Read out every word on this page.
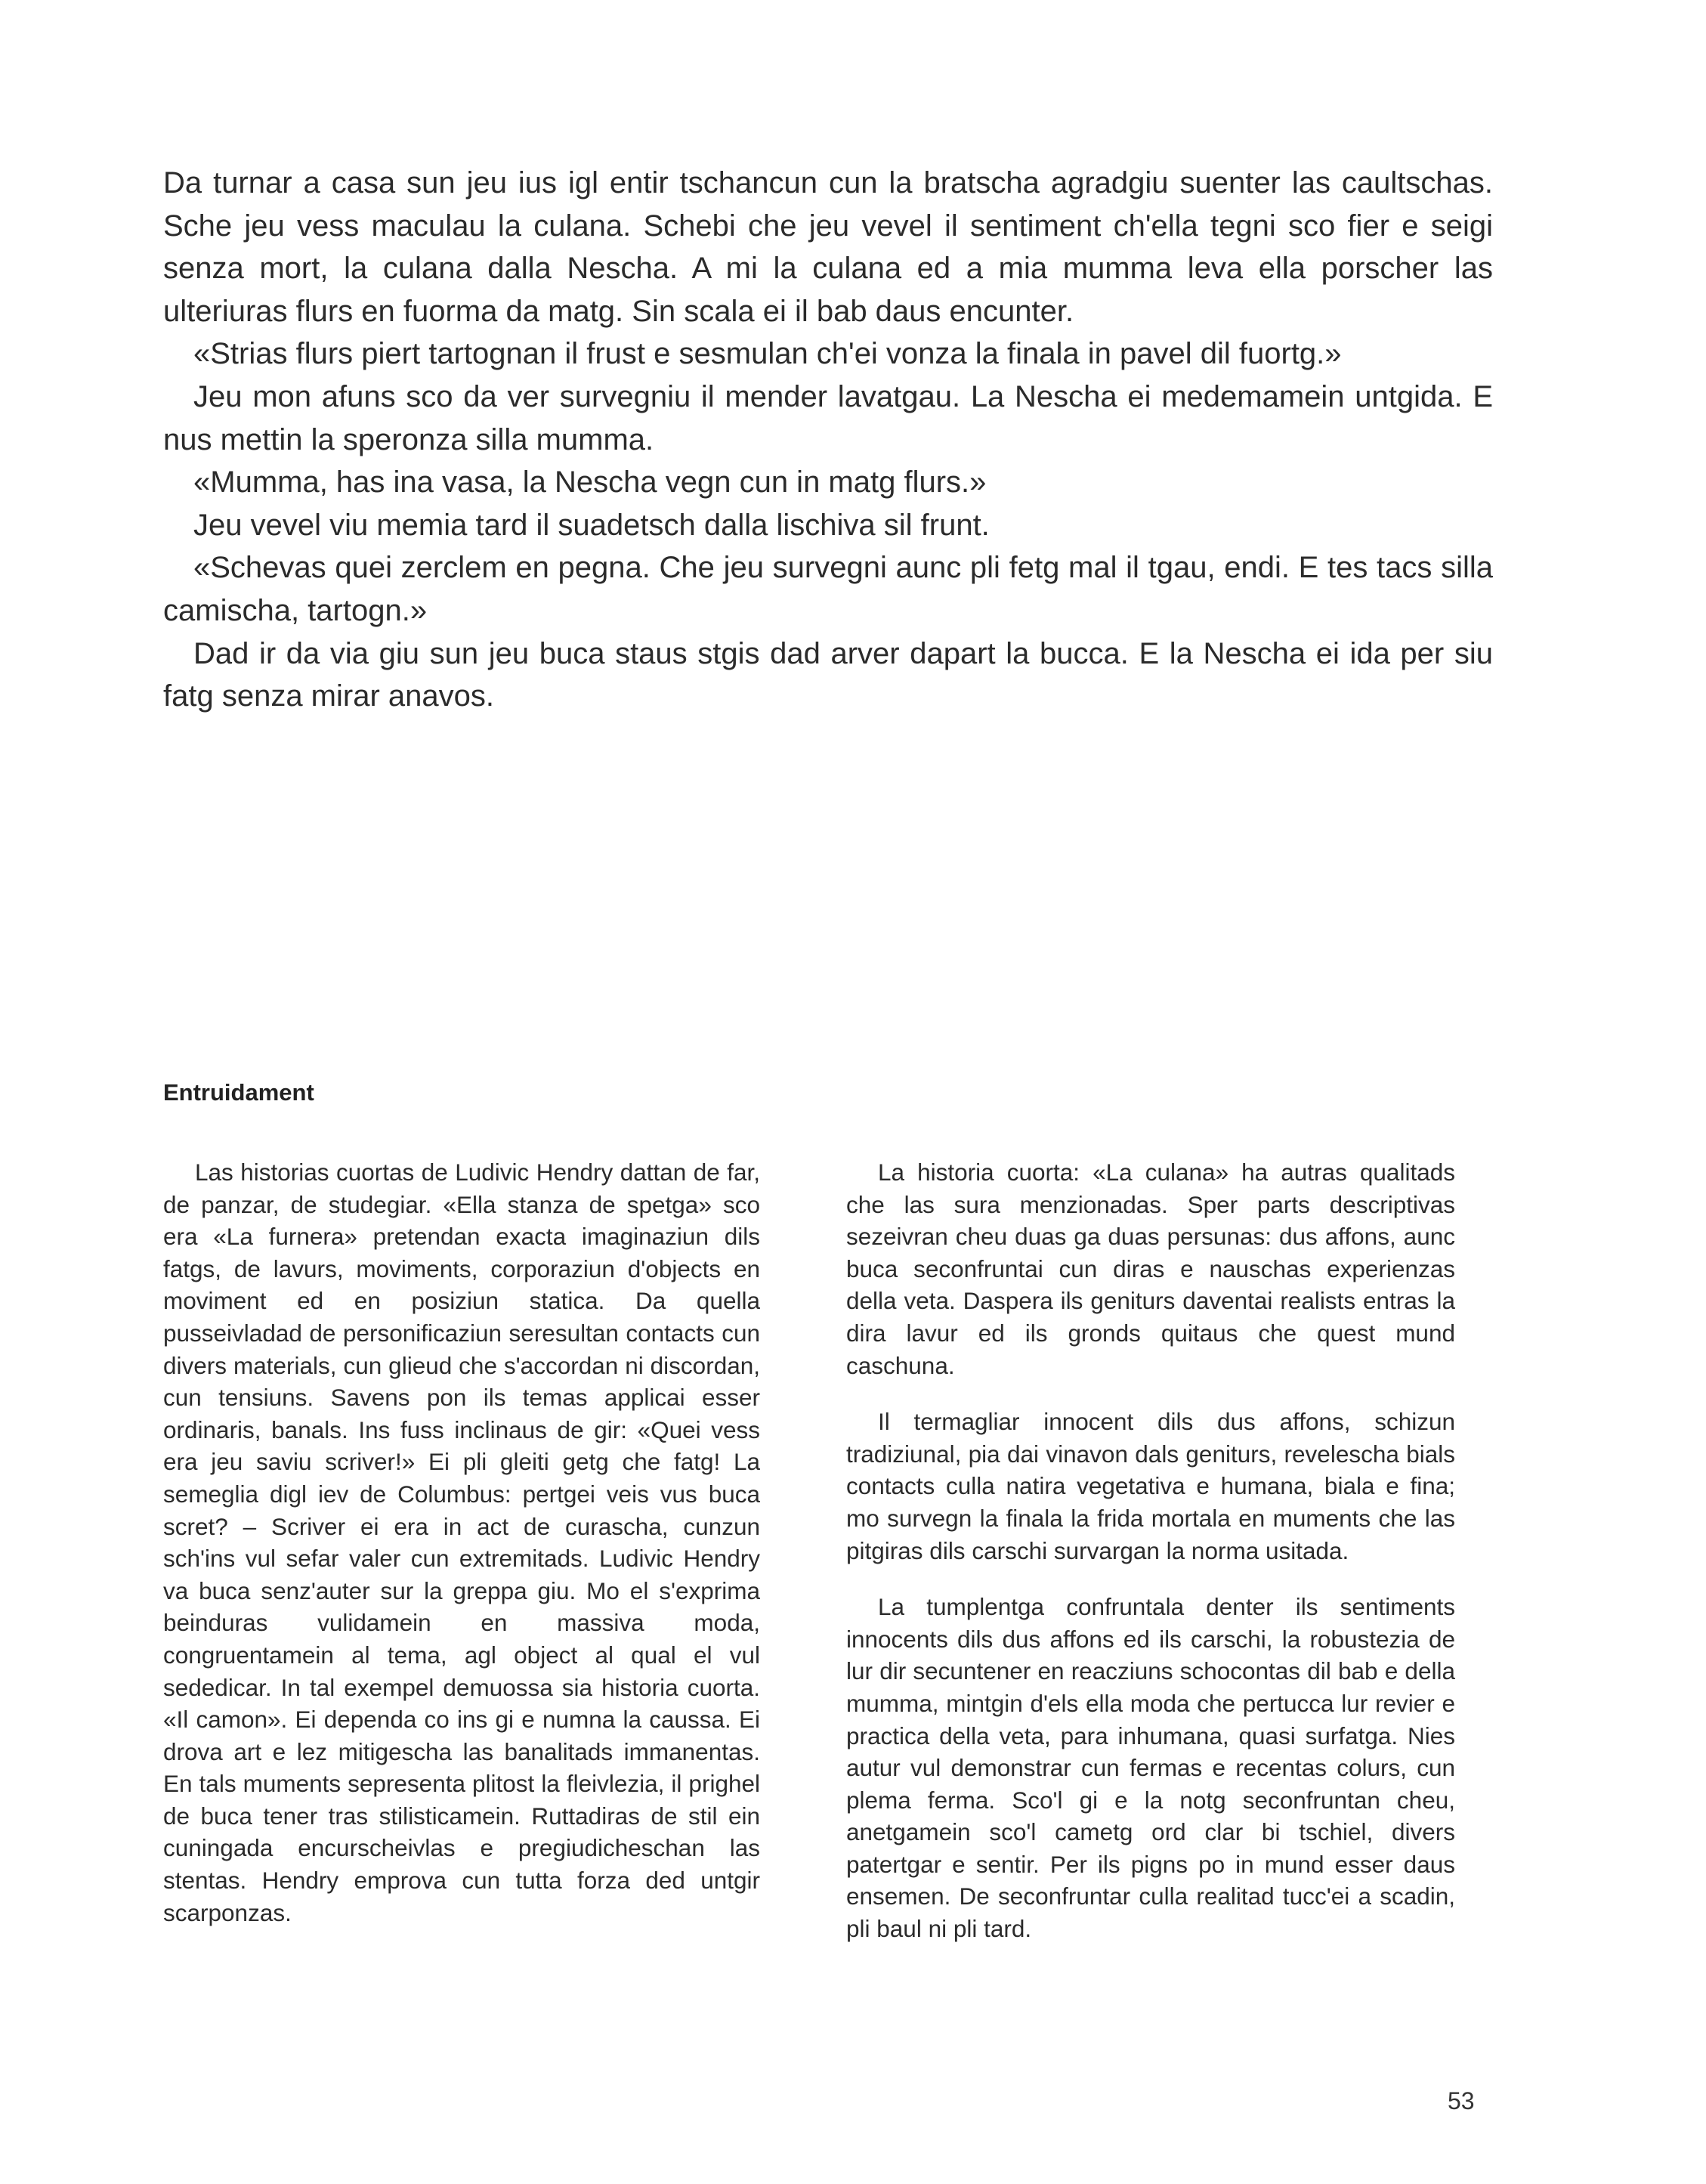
Da turnar a casa sun jeu ius igl entir tschancun cun la bratscha agradgiu suenter las caultschas. Sche jeu vess maculau la culana. Schebi che jeu vevel il sentiment ch'ella tegni sco fier e seigi senza mort, la culana dalla Nescha. A mi la culana ed a mia mumma leva ella porscher las ulteriuras flurs en fuorma da matg. Sin scala ei il bab daus encunter.

«Strias flurs piert tartognan il frust e sesmulan ch'ei vonza la finala in pavel dil fuortg.»

Jeu mon afuns sco da ver survegniu il mender lavatgau. La Nescha ei medemamein untgida. E nus mettin la speronza silla mumma.

«Mumma, has ina vasa, la Nescha vegn cun in matg flurs.»

Jeu vevel viu memia tard il suadetsch dalla lischiva sil frunt.

«Schevas quei zerclem en pegna. Che jeu survegni aunc pli fetg mal il tgau, endi. E tes tacs silla camischa, tartogn.»

Dad ir da via giu sun jeu buca staus stgis dad arver dapart la bucca. E la Nescha ei ida per siu fatg senza mirar anavos.

Entruidament

Las historias cuortas de Ludivic Hendry dattan de far, de panzar, de studegiar. «Ella stanza de spetga» sco era «La furnera» pretendan exacta imaginaziun dils fatgs, de lavurs, moviments, corporaziun d'objects en moviment ed en posiziun statica. Da quella pusseivladad de personificaziun seresultan contacts cun divers materials, cun glieud che s'accordan ni discordan, cun tensiuns. Savens pon ils temas applicai esser ordinaris, banals. Ins fuss inclinaus de gir: «Quei vess era jeu saviu scriver!» Ei pli gleiti getg che fatg! La semeglia digl iev de Columbus: pertgei veis vus buca scret? – Scriver ei era in act de curascha, cunzun sch'ins vul sefar valer cun extremitads. Ludivic Hendry va buca senz'auter sur la greppa giu. Mo el s'exprima beinduras vulidamein en massiva moda, congruentamein al tema, agl object al qual el vul sededicar. In tal exempel demuossa sia historia cuorta. «Il camon». Ei dependa co ins gi e numna la caussa. Ei drova art e lez mitigescha las banalitads immanentas. En tals muments sepresenta plitost la fleivlezia, il prighel de buca tener tras stilisticamein. Ruttadiras de stil ein cuningada encurscheivlas e pregiudicheschan las stentas. Hendry emprova cun tutta forza ded untgir scarponzas.

La historia cuorta: «La culana» ha autras qualitads che las sura menzionadas. Sper parts descriptivas sezeivran cheu duas ga duas persunas: dus affons, aunc buca seconfruntai cun diras e nauschas experienzas della veta. Daspera ils geniturs daventai realists entras la dira lavur ed ils gronds quitaus che quest mund caschuna.

Il termagliar innocent dils dus affons, schizun tradiziunal, pia dai vinavon dals geniturs, revelescha bials contacts culla natira vegetativa e humana, biala e fina; mo survegn la finala la frida mortala en muments che las pitgiras dils carschi survargan la norma usitada.

La tumplentga confruntala denter ils sentiments innocents dils dus affons ed ils carschi, la robustezia de lur dir secuntener en reacziuns schocontas dil bab e della mumma, mintgin d'els ella moda che pertucca lur revier e practica della veta, para inhumana, quasi surfatga. Nies autur vul demonstrar cun fermas e recentas colurs, cun plema ferma. Sco'l gi e la notg seconfruntan cheu, anetgamein sco'l cametg ord clar bi tschiel, divers patertgar e sentir. Per ils pigns po in mund esser daus ensemen. De seconfruntar culla realitad tucc'ei a scadin, pli baul ni pli tard.

53
